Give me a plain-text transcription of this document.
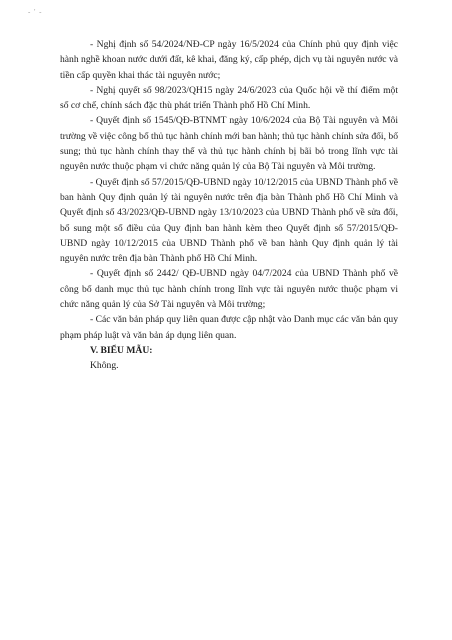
- ' -

- Nghị định số 54/2024/NĐ-CP ngày 16/5/2024 của Chính phủ quy định việc hành nghề khoan nước dưới đất, kê khai, đăng ký, cấp phép, dịch vụ tài nguyên nước và tiền cấp quyền khai thác tài nguyên nước;

- Nghị quyết số 98/2023/QH15 ngày 24/6/2023 của Quốc hội về thí điểm một số cơ chế, chính sách đặc thù phát triển Thành phố Hồ Chí Minh.

- Quyết định số 1545/QĐ-BTNMT ngày 10/6/2024 của Bộ Tài nguyên và Môi trường về việc công bố thủ tục hành chính mới ban hành; thủ tục hành chính sửa đổi, bổ sung; thủ tục hành chính thay thế và thủ tục hành chính bị bãi bỏ trong lĩnh vực tài nguyên nước thuộc phạm vi chức năng quản lý của Bộ Tài nguyên và Môi trường.

- Quyết định số 57/2015/QĐ-UBND ngày 10/12/2015 của UBND Thành phố về ban hành Quy định quản lý tài nguyên nước trên địa bàn Thành phố Hồ Chí Minh và Quyết định số 43/2023/QĐ-UBND ngày 13/10/2023 của UBND Thành phố về sửa đổi, bổ sung một số điều của Quy định ban hành kèm theo Quyết định số 57/2015/QĐ-UBND ngày 10/12/2015 của UBND Thành phố về ban hành Quy định quản lý tài nguyên nước trên địa bàn Thành phố Hồ Chí Minh.

- Quyết định số 2442/ QĐ-UBND ngày 04/7/2024 của UBND Thành phố về công bố danh mục thủ tục hành chính trong lĩnh vực tài nguyên nước thuộc phạm vi chức năng quản lý của Sở Tài nguyên và Môi trường;

- Các văn bản pháp quy liên quan được cập nhật vào Danh mục các văn bản quy phạm pháp luật và văn bản áp dụng liên quan.

V. BIỂU MẪU:

Không.
